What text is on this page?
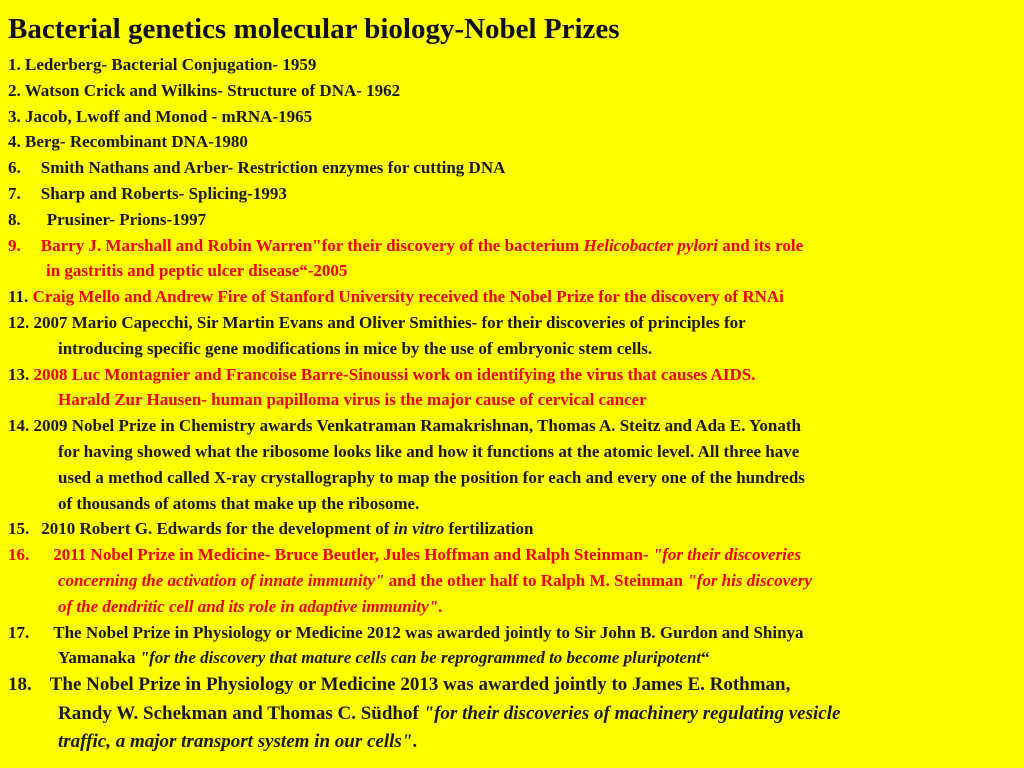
Bacterial genetics molecular biology-Nobel Prizes
1. Lederberg- Bacterial Conjugation- 1959
2. Watson Crick and Wilkins- Structure of DNA- 1962
3. Jacob, Lwoff and Monod - mRNA-1965
4. Berg- Recombinant DNA-1980
6. Smith Nathans and Arber- Restriction enzymes for cutting DNA
7. Sharp and Roberts- Splicing-1993
8. Prusiner- Prions-1997
9. Barry J. Marshall and Robin Warren"for their discovery of the bacterium Helicobacter pylori and its role
in gastritis and peptic ulcer disease“-2005
11. Craig Mello and Andrew Fire of Stanford University received the Nobel Prize for the discovery of RNAi
12. 2007 Mario Capecchi, Sir Martin Evans and Oliver Smithies- for their discoveries of principles for
introducing specific gene modifications in mice by the use of embryonic stem cells.
13. 2008 Luc Montagnier and Francoise Barre-Sinoussi work on identifying the virus that causes AIDS.
Harald Zur Hausen- human papilloma virus is the major cause of cervical cancer
14. 2009 Nobel Prize in Chemistry awards Venkatraman Ramakrishnan, Thomas A. Steitz and Ada E. Yonath
for having showed what the ribosome looks like and how it functions at the atomic level. All three have
used a method called X-ray crystallography to map the position for each and every one of the hundreds
of thousands of atoms that make up the ribosome.
15. 2010 Robert G. Edwards for the development of in vitro fertilization
16. 2011 Nobel Prize in Medicine- Bruce Beutler, Jules Hoffman and Ralph Steinman- "for their discoveries
concerning the activation of innate immunity" and the other half to Ralph M. Steinman "for his discovery
of the dendritic cell and its role in adaptive immunity".
17. The Nobel Prize in Physiology or Medicine 2012 was awarded jointly to Sir John B. Gurdon and Shinya
Yamanaka "for the discovery that mature cells can be reprogrammed to become pluripotent“
18. The Nobel Prize in Physiology or Medicine 2013 was awarded jointly to James E. Rothman,
Randy W. Schekman and Thomas C. Südhof "for their discoveries of machinery regulating vesicle
traffic, a major transport system in our cells".
